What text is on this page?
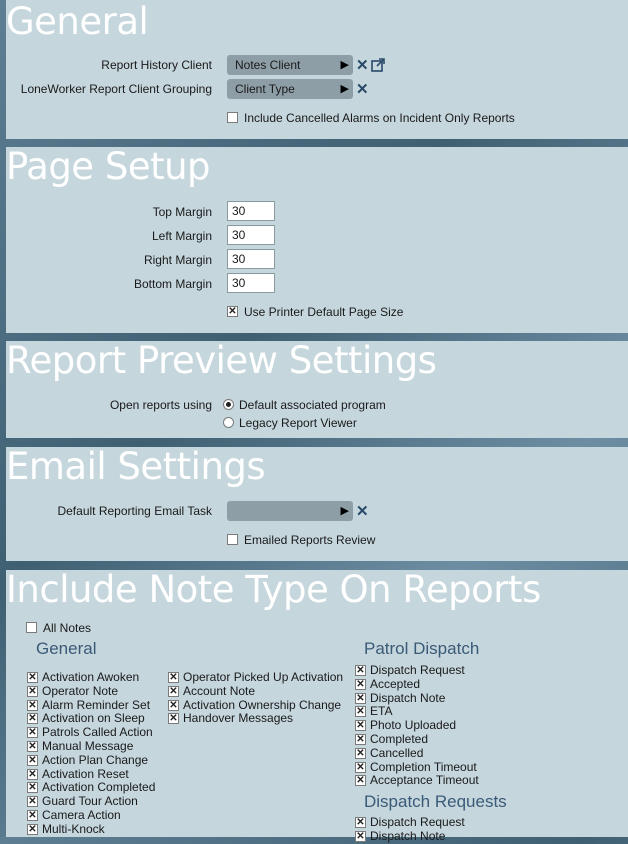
General
Report History Client	Notes Client	▶ ✕
LoneWorker Report Client Grouping	Client Type	▶ ✕
Include Cancelled Alarms on Incident Only Reports
Page Setup
Top Margin	30
Left Margin	30
Right Margin	30
Bottom Margin	30
✕ Use Printer Default Page Size
Report Preview Settings
Open reports using Default associated program
Legacy Report Viewer
Email Settings
Default Reporting Email Task	▶ ✕
Emailed Reports Review
Include Note Type On Reports
All Notes
General
✕ Activation Awoken
✕ Operator Note
✕ Alarm Reminder Set
✕ Activation on Sleep
✕ Patrols Called Action
✕ Manual Message
✕ Action Plan Change
✕ Activation Reset
✕ Activation Completed
✕ Guard Tour Action
✕ Camera Action
✕ Multi-Knock
✕ Operator Picked Up Activation
✕ Account Note
✕ Activation Ownership Change
✕ Handover Messages
Patrol Dispatch
✕ Dispatch Request
✕ Accepted
✕ Dispatch Note
✕ ETA
✕ Photo Uploaded
✕ Completed
✕ Cancelled
✕ Completion Timeout
✕ Acceptance Timeout
Dispatch Requests
✕ Dispatch Request
✕ Dispatch Note
